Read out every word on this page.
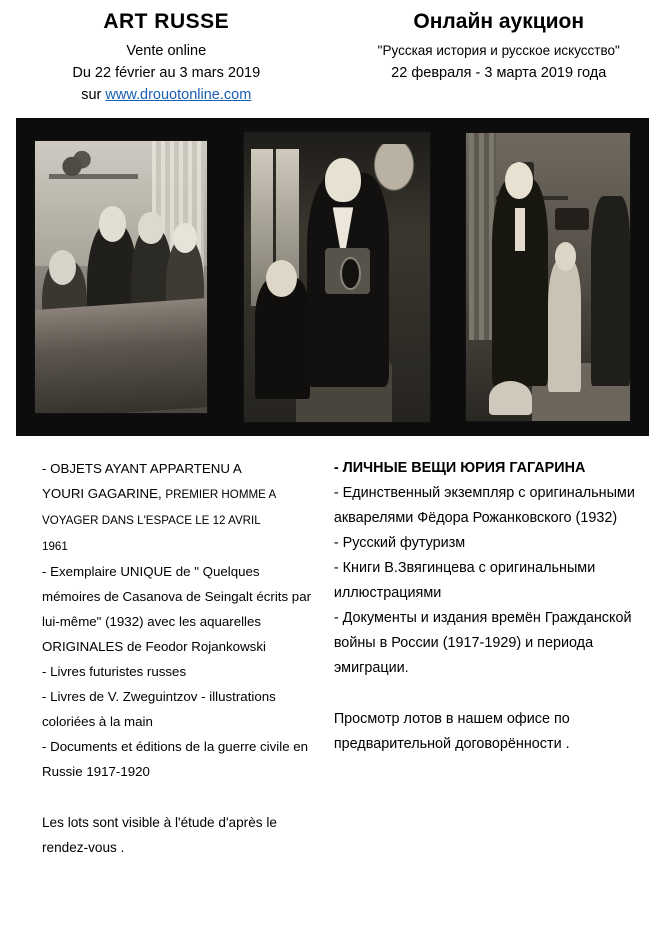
ART RUSSE
Vente online
Du 22 février au 3 mars 2019
sur www.drouotonline.com
Онлайн аукцион
"Русская история и русское искусство"
22 февраля - 3 марта 2019 года

- OBJETS AYANT APPARTENU A
YOURI GAGARINE, PREMIER HOMME A
VOYAGER DANS L'ESPACE LE 12 AVRIL
1961

- Exemplaire UNIQUE de " Quelques mémoires de Casanova de Seingalt écrits par lui-même" (1932) avec les aquarelles ORIGINALES de Feodor Rojankowski

- Livres futuristes russes

- Livres de V. Zweguintzov - illustrations coloriées à la main

- Documents et éditions de la guerre civile en Russie 1917-1920

Les lots sont visible à l'étude d'après le rendez-vous .

- ЛИЧНЫЕ ВЕЩИ ЮРИЯ ГАГАРИНА

- Единственный экземпляр с оригинальными акварелями Фёдора Рожанковского (1932)

- Русский футуризм

- Книги В.Звягинцева с оригинальными иллюстрациями

- Документы и издания времён Гражданской войны в России (1917-1929) и периода эмиграции.

Просмотр лотов в нашем офисе по предварительной договорённости .
